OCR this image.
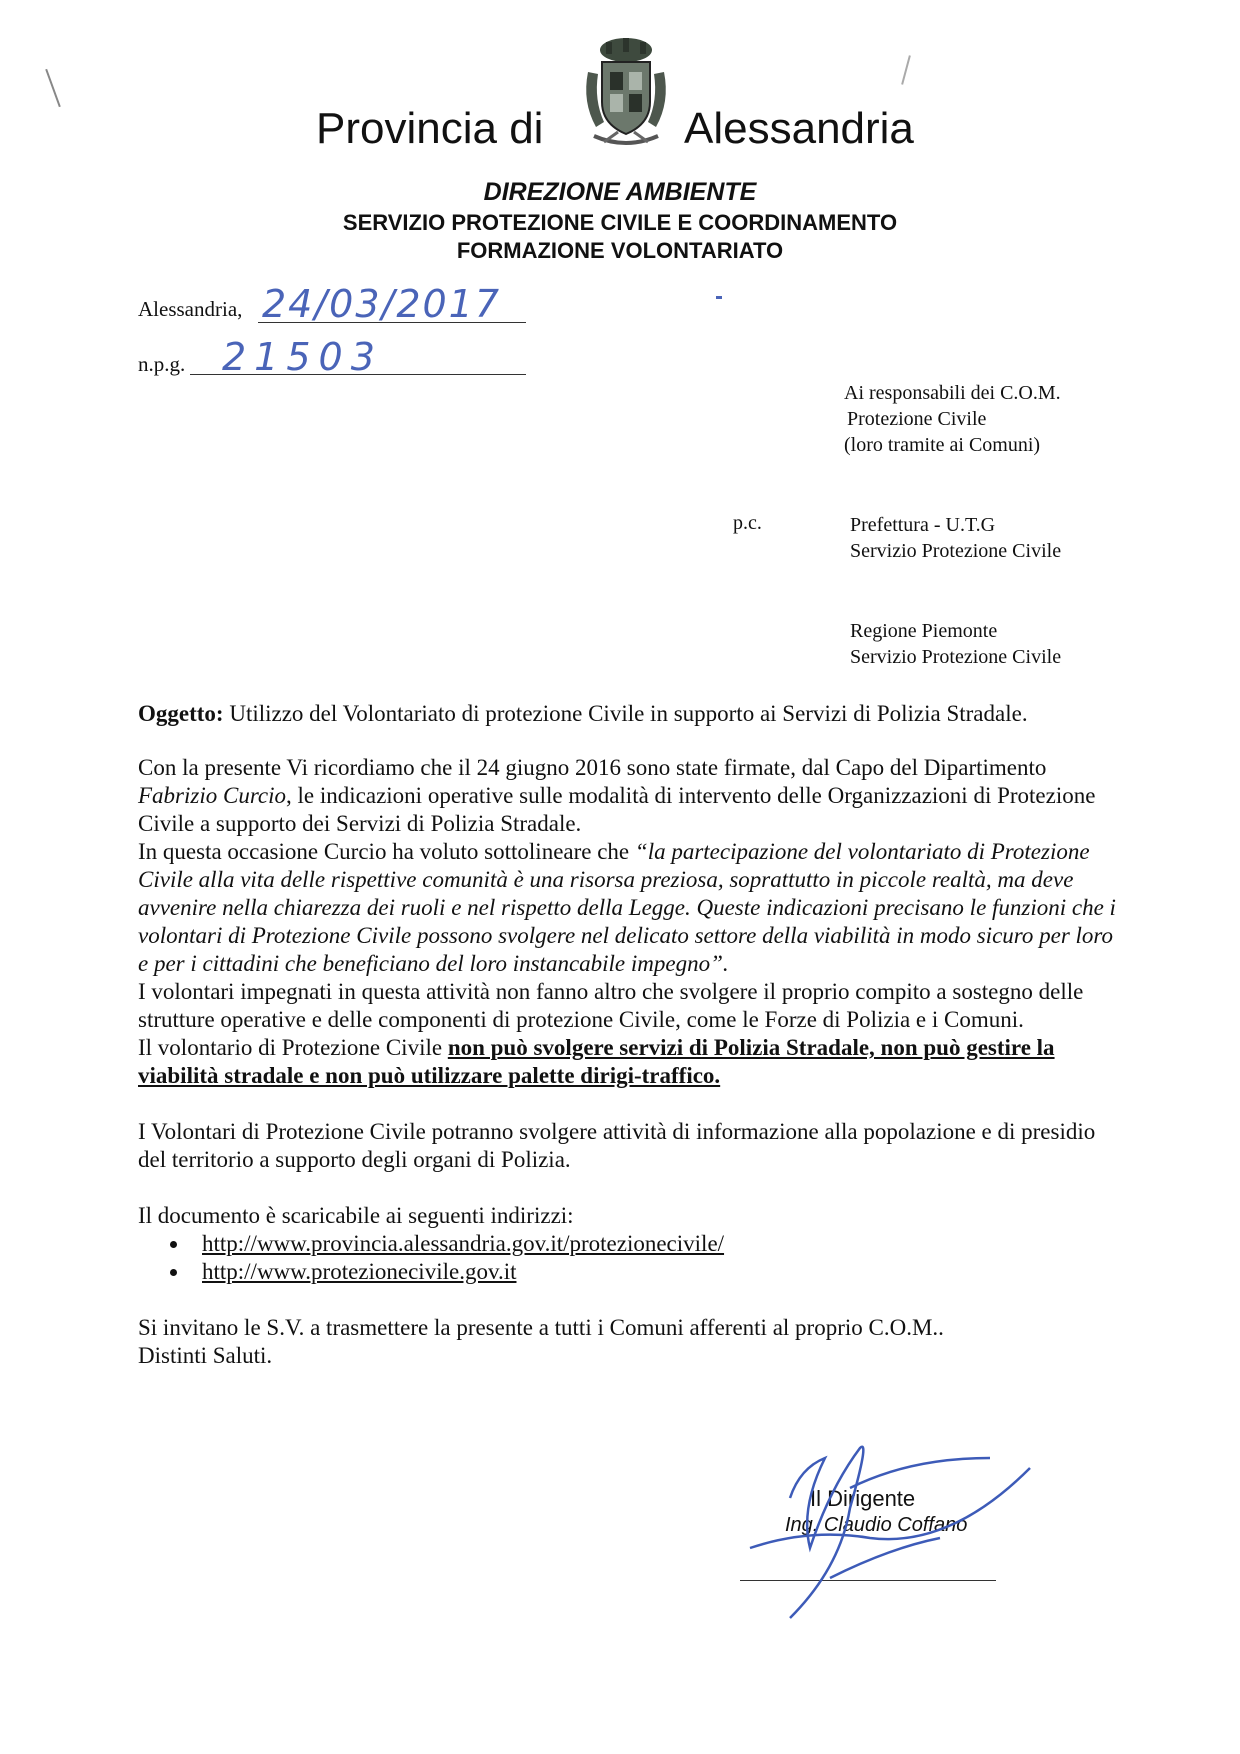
Provincia di	Alessandria
DIREZIONE AMBIENTE
SERVIZIO PROTEZIONE CIVILE E COORDINAMENTO
FORMAZIONE VOLONTARIATO
Alessandria, 24/03/2017
n.p.g. 21503
Ai responsabili dei C.O.M.
Protezione Civile
(loro tramite ai Comuni)
p.c.	Prefettura - U.T.G
Servizio Protezione Civile
Regione Piemonte
Servizio Protezione Civile
Oggetto: Utilizzo del Volontariato di protezione Civile in supporto ai Servizi di Polizia Stradale.
Con la presente Vi ricordiamo che il 24 giugno 2016 sono state firmate, dal Capo del Dipartimento Fabrizio Curcio, le indicazioni operative sulle modalità di intervento delle Organizzazioni di Protezione Civile a supporto dei Servizi di Polizia Stradale.
In questa occasione Curcio ha voluto sottolineare che “la partecipazione del volontariato di Protezione Civile alla vita delle rispettive comunità è una risorsa preziosa, soprattutto in piccole realtà, ma deve avvenire nella chiarezza dei ruoli e nel rispetto della Legge. Queste indicazioni precisano le funzioni che i volontari di Protezione Civile possono svolgere nel delicato settore della viabilità in modo sicuro per loro e per i cittadini che beneficiano del loro instancabile impegno”.
I volontari impegnati in questa attività non fanno altro che svolgere il proprio compito a sostegno delle strutture operative e delle componenti di protezione Civile, come le Forze di Polizia e i Comuni.
Il volontario di Protezione Civile non può svolgere servizi di Polizia Stradale, non può gestire la viabilità stradale e non può utilizzare palette dirigi-traffico.
I Volontari di Protezione Civile potranno svolgere attività di informazione alla popolazione e di presidio del territorio a supporto degli organi di Polizia.
Il documento è scaricabile ai seguenti indirizzi:
• http://www.provincia.alessandria.gov.it/protezionecivile/
• http://www.protezionecivile.gov.it
Si invitano le S.V. a trasmettere la presente a tutti i Comuni afferenti al proprio C.O.M..
Distinti Saluti.
Il Dirigente
Ing. Claudio Coffano
